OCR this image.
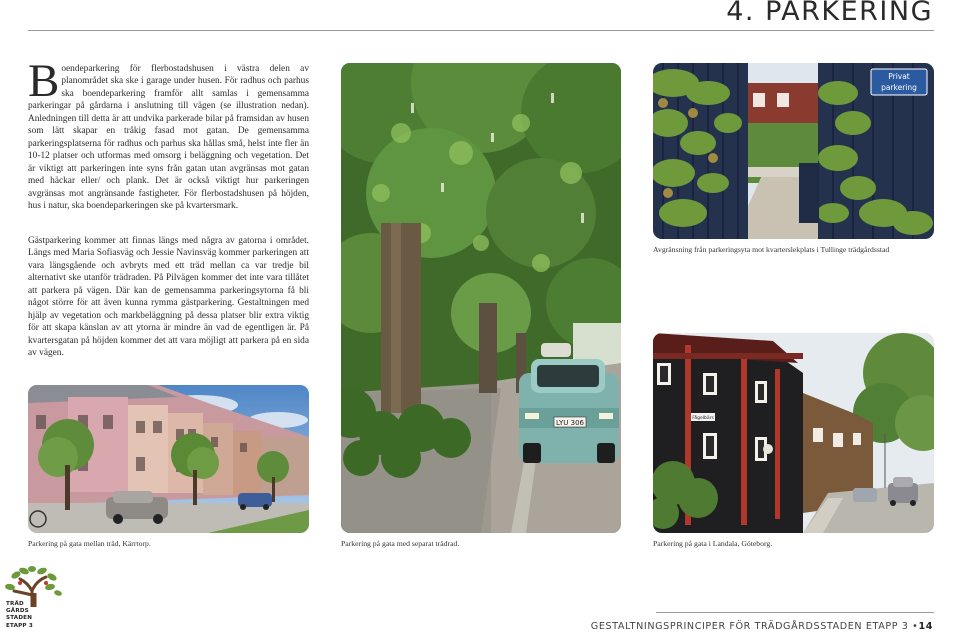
4. PARKERING
Boendeparkering för flerbostadshusen i västra delen av planområdet ska ske i garage under husen. För radhus och parhus ska boendeparkering framför allt samlas i gemensamma parkeringar på gårdarna i anslutning till vägen (se illustration nedan). Anledningen till detta är att undvika parkerade bilar på framsidan av husen som lätt skapar en tråkig fasad mot gatan. De gemensamma parkeringsplatserna för radhus och parhus ska hållas små, helst inte fler än 10-12 platser och utformas med omsorg i beläggning och vegetation. Det är viktigt att parkeringen inte syns från gatan utan avgränsas mot gatan med häckar eller/ och plank. Det är också viktigt hur parkeringen avgränsas mot angränsande fastigheter. För flerbostadshusen på höjden, hus i natur, ska boendeparkeringen ske på kvartersmark.
Gästparkering kommer att finnas längs med några av gatorna i området. Längs med Maria Sofiasväg och Jessie Navinsväg kommer parkeringen att vara längsgående och avbryts med ett träd mellan ca var tredje bil alternativt ske utanför trädraden. På Pilvägen kommer det inte vara tillåtet att parkera på vägen. Där kan de gemensamma parkeringsytorna få bli något större för att även kunna rymma gästparkering. Gestaltningen med hjälp av vegetation och markbeläggning på dessa platser blir extra viktig för att skapa känslan av att ytorna är mindre än vad de egentligen är. På kvartersgatan på höjden kommer det att vara möjligt att parkera på en sida av vägen.
LYU 306
Privat
parkering
Fågelbärs
Avgränsning från parkeringsyta mot kvarterslekplats i Tullinge trädgårdsstad
Parkering på gata mellan träd, Kärrtorp.	Parkering på gata med separat trädrad.	Parkering på gata i Landala, Göteborg.
TRÄD
GÅRDS
STADEN
ETAPP 3	GESTALTNINGSPRINCIPER FÖR TRÄDGÅRDSSTADEN ETAPP 3 •14
